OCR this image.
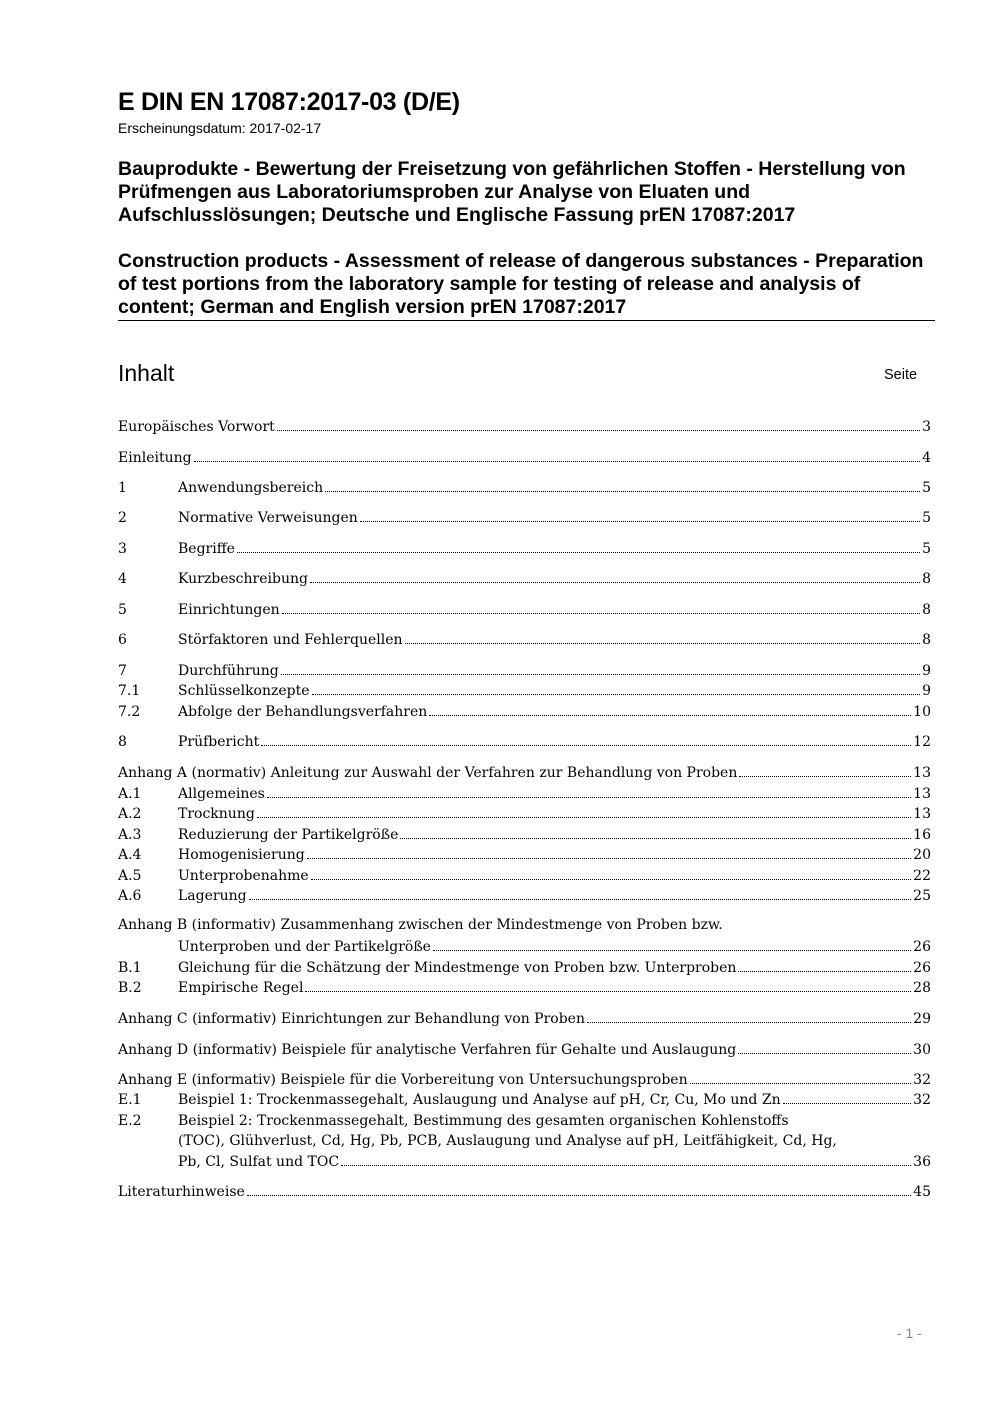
E DIN EN 17087:2017-03 (D/E)
Erscheinungsdatum: 2017-02-17
Bauprodukte - Bewertung der Freisetzung von gefährlichen Stoffen - Herstellung von Prüfmengen aus Laboratoriumsproben zur Analyse von Eluaten und Aufschlusslösungen; Deutsche und Englische Fassung prEN 17087:2017
Construction products - Assessment of release of dangerous substances - Preparation of test portions from the laboratory sample for testing of release and analysis of content; German and English version prEN 17087:2017
Inhalt	Seite
Europäisches Vorwort	3
Einleitung	4
1	Anwendungsbereich	5
2	Normative Verweisungen	5
3	Begriffe	5
4	Kurzbeschreibung	8
5	Einrichtungen	8
6	Störfaktoren und Fehlerquellen	8
7	Durchführung	9
7.1	Schlüsselkonzepte	9
7.2	Abfolge der Behandlungsverfahren	10
8	Prüfbericht	12
Anhang A (normativ) Anleitung zur Auswahl der Verfahren zur Behandlung von Proben	13
A.1	Allgemeines	13
A.2	Trocknung	13
A.3	Reduzierung der Partikelgröße	16
A.4	Homogenisierung	20
A.5	Unterprobenahme	22
A.6	Lagerung	25
Anhang B (informativ) Zusammenhang zwischen der Mindestmenge von Proben bzw.
Unterproben und der Partikelgröße	26
B.1	Gleichung für die Schätzung der Mindestmenge von Proben bzw. Unterproben	26
B.2	Empirische Regel	28
Anhang C (informativ) Einrichtungen zur Behandlung von Proben	29
Anhang D (informativ) Beispiele für analytische Verfahren für Gehalte und Auslaugung	30
Anhang E (informativ) Beispiele für die Vorbereitung von Untersuchungsproben	32
E.1	Beispiel 1: Trockenmassegehalt, Auslaugung und Analyse auf pH, Cr, Cu, Mo und Zn	32
E.2	Beispiel 2: Trockenmassegehalt, Bestimmung des gesamten organischen Kohlenstoffs
(TOC), Glühverlust, Cd, Hg, Pb, PCB, Auslaugung und Analyse auf pH, Leitfähigkeit, Cd, Hg,
Pb, Cl, Sulfat und TOC	36
Literaturhinweise	45
- 1 -
